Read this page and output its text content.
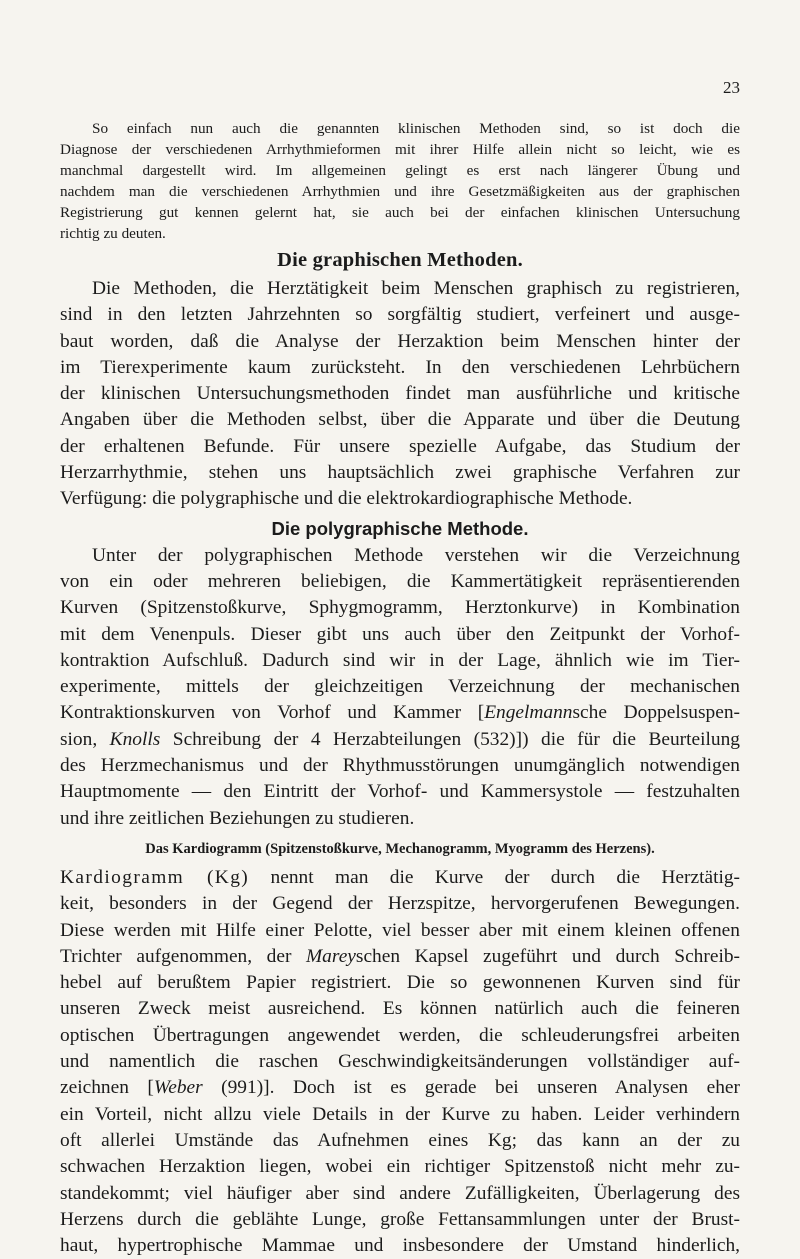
23
So einfach nun auch die genannten klinischen Methoden sind, so ist doch die
Diagnose der verschiedenen Arrhythmieformen mit ihrer Hilfe allein nicht so leicht, wie es
manchmal dargestellt wird. Im allgemeinen gelingt es erst nach längerer Übung und
nachdem man die verschiedenen Arrhythmien und ihre Gesetzmäßigkeiten aus der graphischen
Registrierung gut kennen gelernt hat, sie auch bei der einfachen klinischen Untersuchung
richtig zu deuten.
Die graphischen Methoden.
Die Methoden, die Herztätigkeit beim Menschen graphisch zu registrieren,
sind in den letzten Jahrzehnten so sorgfältig studiert, verfeinert und ausge-
baut worden, daß die Analyse der Herzaktion beim Menschen hinter der
im Tierexperimente kaum zurücksteht. In den verschiedenen Lehrbüchern
der klinischen Untersuchungsmethoden findet man ausführliche und kritische
Angaben über die Methoden selbst, über die Apparate und über die Deutung
der erhaltenen Befunde. Für unsere spezielle Aufgabe, das Studium der
Herzarrhythmie, stehen uns hauptsächlich zwei graphische Verfahren zur
Verfügung: die polygraphische und die elektrokardiographische Methode.
Die polygraphische Methode.
Unter der polygraphischen Methode verstehen wir die Verzeichnung
von ein oder mehreren beliebigen, die Kammertätigkeit repräsentierenden
Kurven (Spitzenstoßkurve, Sphygmogramm, Herztonkurve) in Kombination
mit dem Venenpuls. Dieser gibt uns auch über den Zeitpunkt der Vorhof-
kontraktion Aufschluß. Dadurch sind wir in der Lage, ähnlich wie im Tier-
experimente, mittels der gleichzeitigen Verzeichnung der mechanischen
Kontraktionskurven von Vorhof und Kammer [Engelmannsche Doppelsuspen-
sion, Knolls Schreibung der 4 Herzabteilungen (532)]) die für die Beurteilung
des Herzmechanismus und der Rhythmusstörungen unumgänglich notwendigen
Hauptmomente — den Eintritt der Vorhof- und Kammersystole — festzuhalten
und ihre zeitlichen Beziehungen zu studieren.
Das Kardiogramm (Spitzenstoßkurve, Mechanogramm, Myogramm des Herzens).
Kardiogramm (Kg) nennt man die Kurve der durch die Herztätig-
keit, besonders in der Gegend der Herzspitze, hervorgerufenen Bewegungen.
Diese werden mit Hilfe einer Pelotte, viel besser aber mit einem kleinen offenen
Trichter aufgenommen, der Mareyschen Kapsel zugeführt und durch Schreib-
hebel auf berußtem Papier registriert. Die so gewonnenen Kurven sind für
unseren Zweck meist ausreichend. Es können natürlich auch die feineren
optischen Übertragungen angewendet werden, die schleuderungsfrei arbeiten
und namentlich die raschen Geschwindigkeitsänderungen vollständiger auf-
zeichnen [Weber (991)]. Doch ist es gerade bei unseren Analysen eher
ein Vorteil, nicht allzu viele Details in der Kurve zu haben. Leider verhindern
oft allerlei Umstände das Aufnehmen eines Kg; das kann an der zu
schwachen Herzaktion liegen, wobei ein richtiger Spitzenstoß nicht mehr zu-
standekommt; viel häufiger aber sind andere Zufälligkeiten, Überlagerung des
Herzens durch die geblähte Lunge, große Fettansammlungen unter der Brust-
haut, hypertrophische Mammae und insbesondere der Umstand hinderlich,
